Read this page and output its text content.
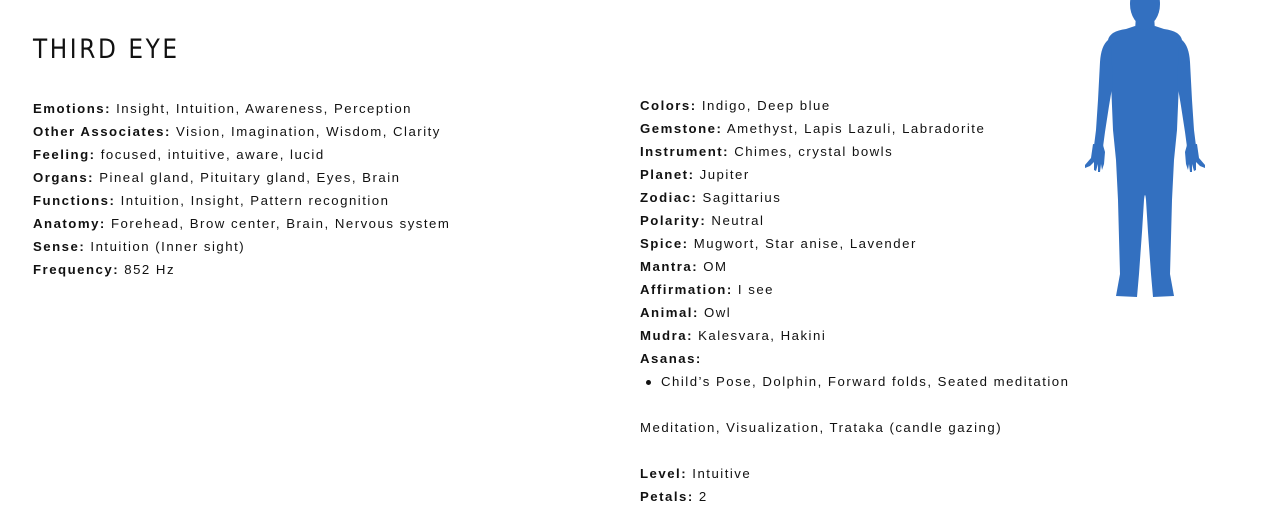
THIRD EYE
Emotions: Insight, Intuition, Awareness, Perception
Other Associates: Vision, Imagination, Wisdom, Clarity
Feeling: focused, intuitive, aware, lucid
Organs: Pineal gland, Pituitary gland, Eyes, Brain
Functions: Intuition, Insight, Pattern recognition
Anatomy: Forehead, Brow center, Brain, Nervous system
Sense: Intuition (Inner sight)
Frequency: 852 Hz
Colors: Indigo, Deep blue
Gemstone: Amethyst, Lapis Lazuli, Labradorite
Instrument: Chimes, crystal bowls
Planet: Jupiter
Zodiac: Sagittarius
Polarity: Neutral
Spice: Mugwort, Star anise, Lavender
Mantra: OM
Affirmation: I see
Animal: Owl
Mudra: Kalesvara, Hakini
Asanas:
Child’s Pose, Dolphin, Forward folds, Seated meditation
Meditation, Visualization, Trataka (candle gazing)
Level: Intuitive
Petals: 2
